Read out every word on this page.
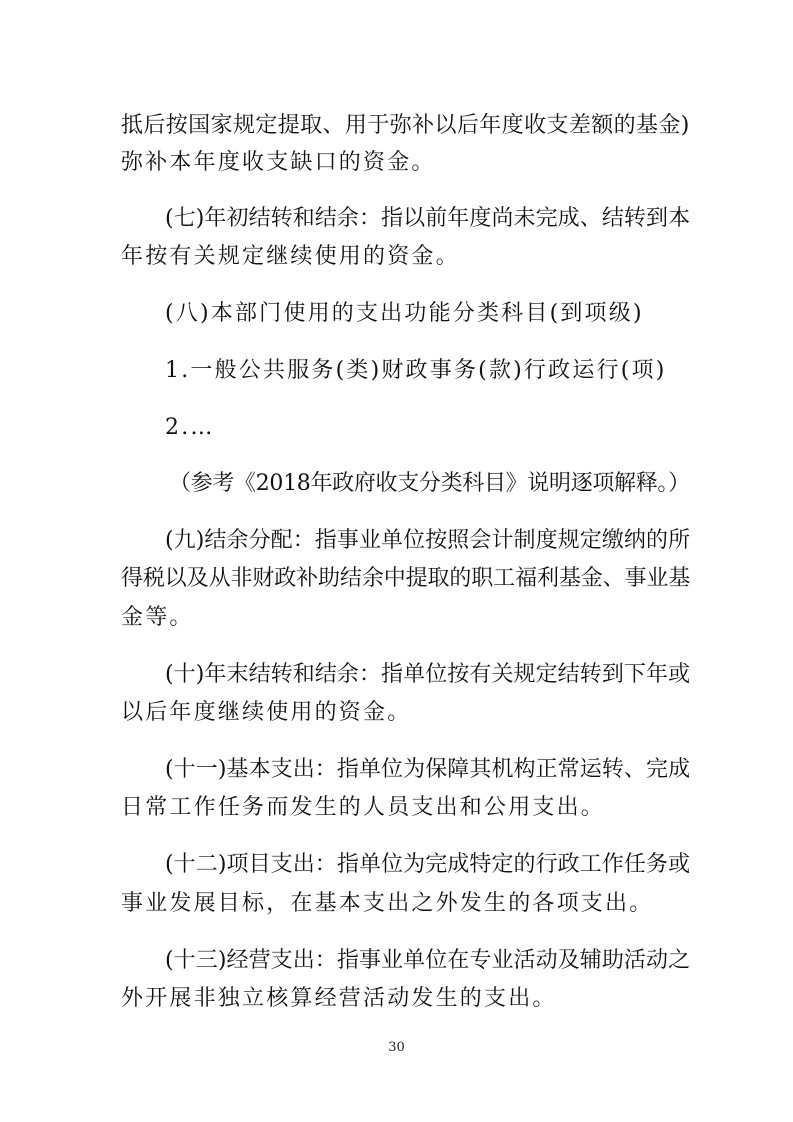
抵后按国家规定提取、用于弥补以后年度收支差额的基金)
弥补本年度收支缺口的资金。
(七)年初结转和结余：指以前年度尚未完成、结转到本
年按有关规定继续使用的资金。
(八)本部门使用的支出功能分类科目(到项级)
1.一般公共服务(类)财政事务(款)行政运行(项)
2.…
（参考《2018年政府收支分类科目》说明逐项解释。）
(九)结余分配：指事业单位按照会计制度规定缴纳的所
得税以及从非财政补助结余中提取的职工福利基金、事业基
金等。
(十)年末结转和结余：指单位按有关规定结转到下年或
以后年度继续使用的资金。
(十一)基本支出：指单位为保障其机构正常运转、完成
日常工作任务而发生的人员支出和公用支出。
(十二)项目支出：指单位为完成特定的行政工作任务或
事业发展目标，在基本支出之外发生的各项支出。
(十三)经营支出：指事业单位在专业活动及辅助活动之
外开展非独立核算经营活动发生的支出。
30
